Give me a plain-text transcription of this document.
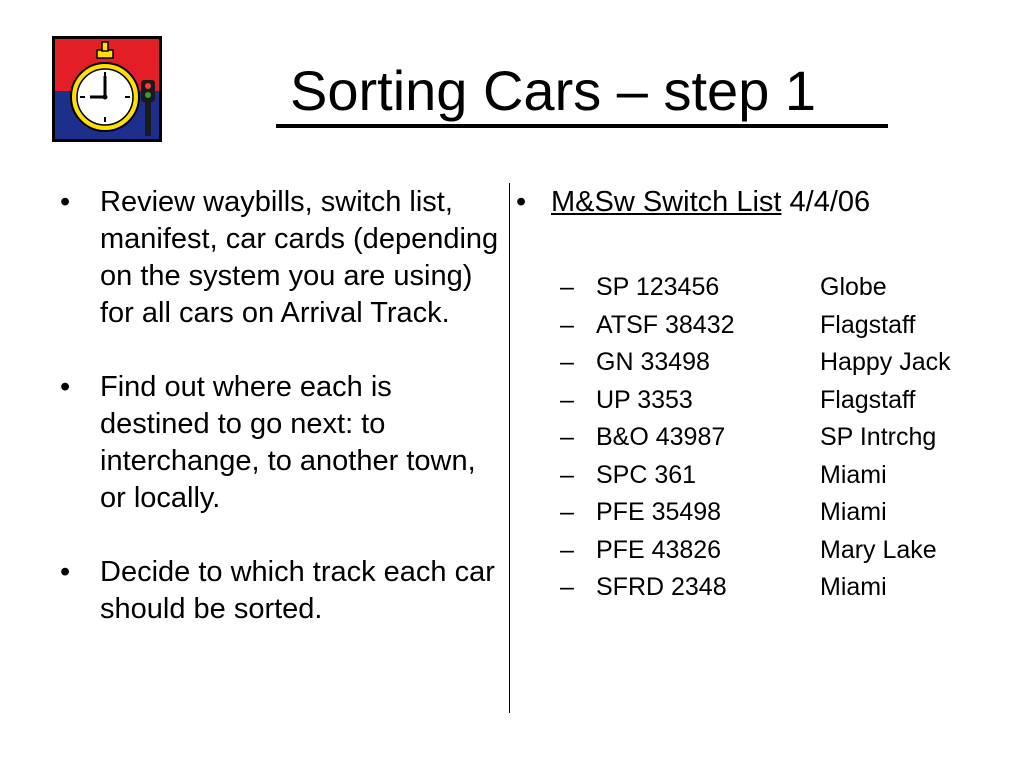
Sorting Cars – step 1
• Review waybills, switch list, manifest, car cards (depending on the system you are using) for all cars on Arrival Track.
• Find out where each is destined to go next: to interchange, to another town, or locally.
• Decide to which track each car should be sorted.
• M&Sw Switch List 4/4/06
– SP 123456	Globe
– ATSF 38432	Flagstaff
– GN 33498	Happy Jack
– UP 3353	Flagstaff
– B&O 43987	SP Intrchg
– SPC 361	Miami
– PFE 35498	Miami
– PFE 43826	Mary Lake
– SFRD 2348	Miami
